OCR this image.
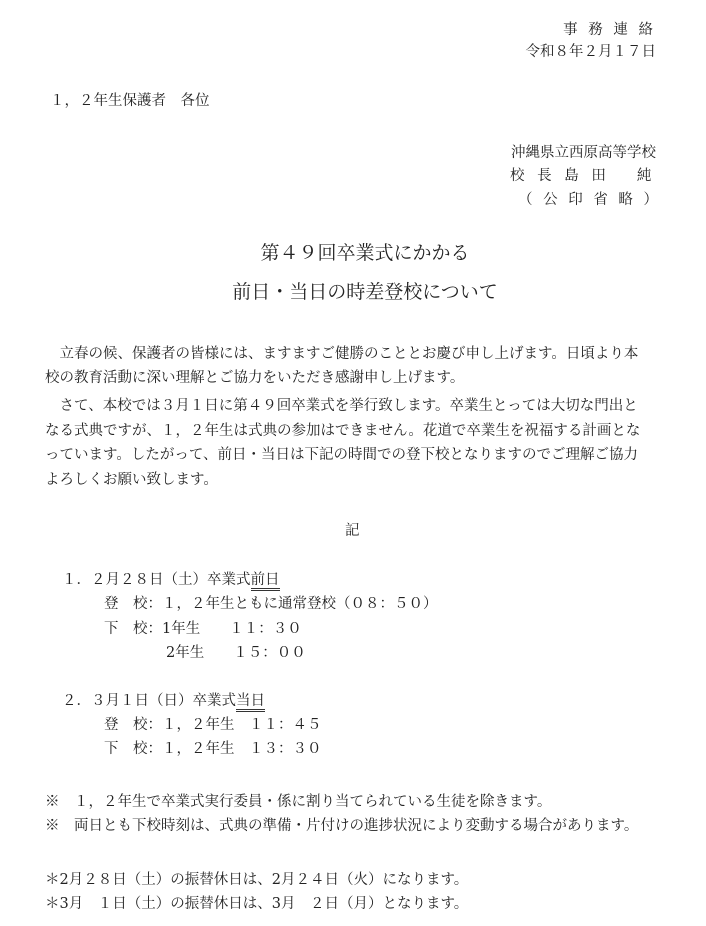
事 務 連 絡
令和８年２月１７日
１，２年生保護者　各位
沖縄県立西原高等学校
校 長 島 田　 純
（ 公 印 省 略 ）
第４９回卒業式にかかる
前日・当日の時差登校について
　立春の候、保護者の皆様には、ますますご健勝のこととお慶び申し上げます。日頃より本
校の教育活動に深い理解とご協力をいただき感謝申し上げます。
　さて、本校では３月１日に第４９回卒業式を挙行致します。卒業生とっては大切な門出と
なる式典ですが、１，２年生は式典の参加はできません。花道で卒業生を祝福する計画とな
っています。したがって、前日・当日は下記の時間での登下校となりますのでご理解ご協力
よろしくお願い致します。
記
１．２月２８日（土）卒業式前日
登　校：１，２年生ともに通常登校（０８：５０）
下　校：1年生　　１１：３０
2年生　　１５：００
２．３月１日（日）卒業式当日
登　校：１，２年生　１１：４５
下　校：１，２年生　１３：３０
※　１，２年生で卒業式実行委員・係に割り当てられている生徒を除きます。
※　両日とも下校時刻は、式典の準備・片付けの進捗状況により変動する場合があります。
＊2月２８日（土）の振替休日は、2月２４日（火）になります。
＊3月　１日（土）の振替休日は、3月　２日（月）となります。
